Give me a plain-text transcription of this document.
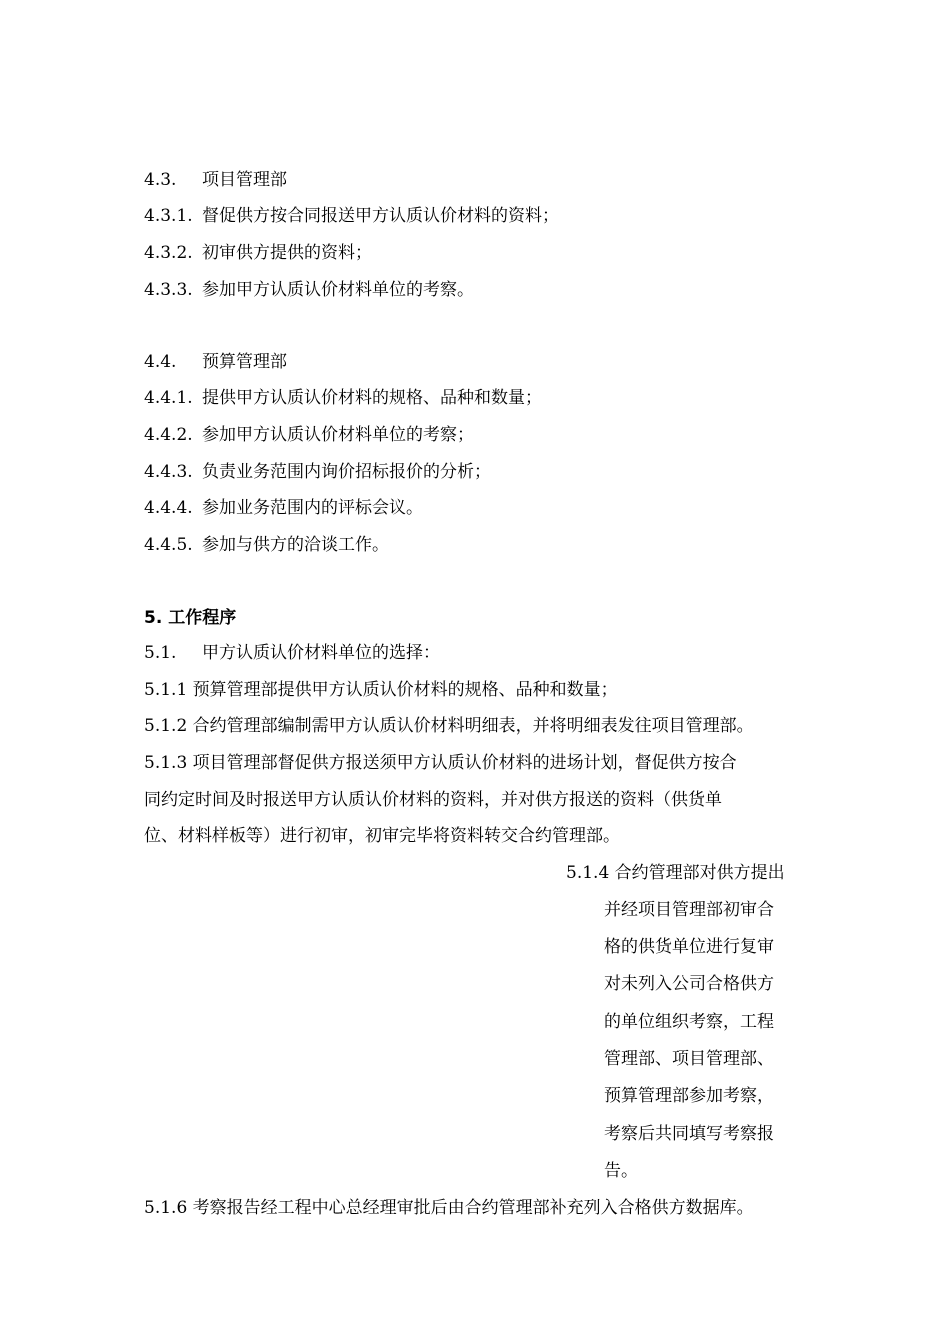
4.3. 项目管理部
4.3.1. 督促供方按合同报送甲方认质认价材料的资料；
4.3.2. 初审供方提供的资料；
4.3.3. 参加甲方认质认价材料单位的考察。
4.4. 预算管理部
4.4.1. 提供甲方认质认价材料的规格、品种和数量；
4.4.2. 参加甲方认质认价材料单位的考察；
4.4.3. 负责业务范围内询价招标报价的分析；
4.4.4. 参加业务范围内的评标会议。
4.4.5. 参加与供方的洽谈工作。
5. 工作程序
5.1. 甲方认质认价材料单位的选择：
5.1.1 预算管理部提供甲方认质认价材料的规格、品种和数量；
5.1.2 合约管理部编制需甲方认质认价材料明细表，并将明细表发往项目管理部。
5.1.3 项目管理部督促供方报送须甲方认质认价材料的进场计划，督促供方按合
同约定时间及时报送甲方认质认价材料的资料，并对供方报送的资料（供货单
位、材料样板等）进行初审，初审完毕将资料转交合约管理部。
5.1.4 合约管理部对供方提出
并经项目管理部初审合
格的供货单位进行复审
对未列入公司合格供方
的单位组织考察，工程
管理部、项目管理部、
预算管理部参加考察，
考察后共同填写考察报
告。
5.1.6 考察报告经工程中心总经理审批后由合约管理部补充列入合格供方数据库。
